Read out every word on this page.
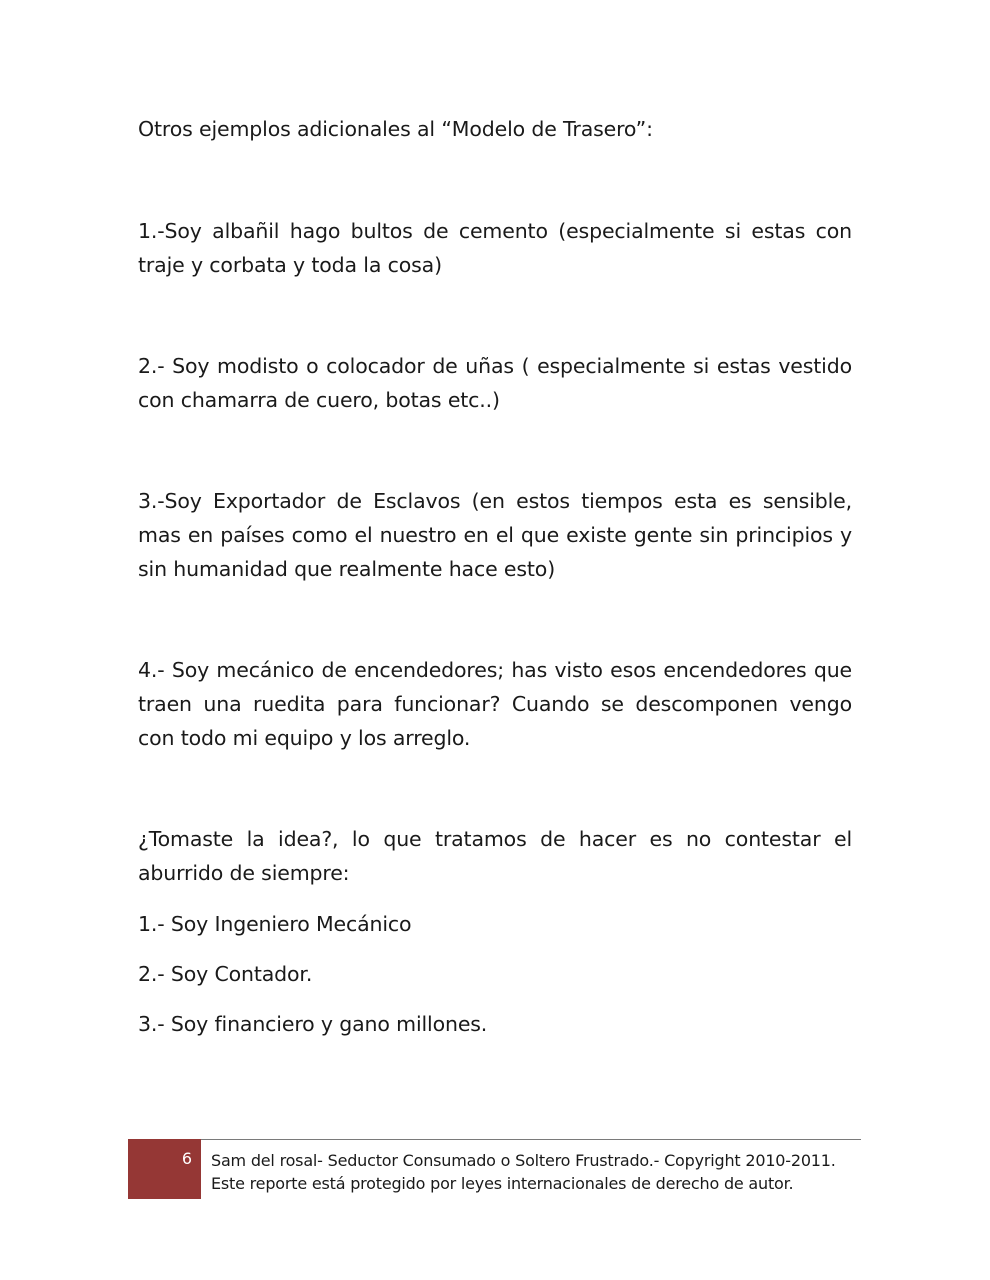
Otros ejemplos adicionales al “Modelo de Trasero”:

1.-Soy albañil hago bultos de cemento (especialmente si estas con traje y corbata y toda la cosa)

2.- Soy modisto o colocador de uñas ( especialmente si estas vestido con chamarra de cuero, botas etc..)

3.-Soy Exportador de Esclavos (en estos tiempos esta es sensible, mas en países como el nuestro en el que existe gente sin principios y sin humanidad que realmente hace esto)

4.- Soy mecánico de encendedores; has visto esos encendedores que traen una ruedita para funcionar? Cuando se descomponen vengo con todo mi equipo y los arreglo.

¿Tomaste la idea?, lo que tratamos de hacer es no contestar el aburrido de siempre:

1.- Soy Ingeniero Mecánico

2.- Soy Contador.

3.- Soy financiero y gano millones.

6 Sam del rosal- Seductor Consumado o Soltero Frustrado.- Copyright 2010-2011.
Este reporte está protegido por leyes internacionales de derecho de autor.
